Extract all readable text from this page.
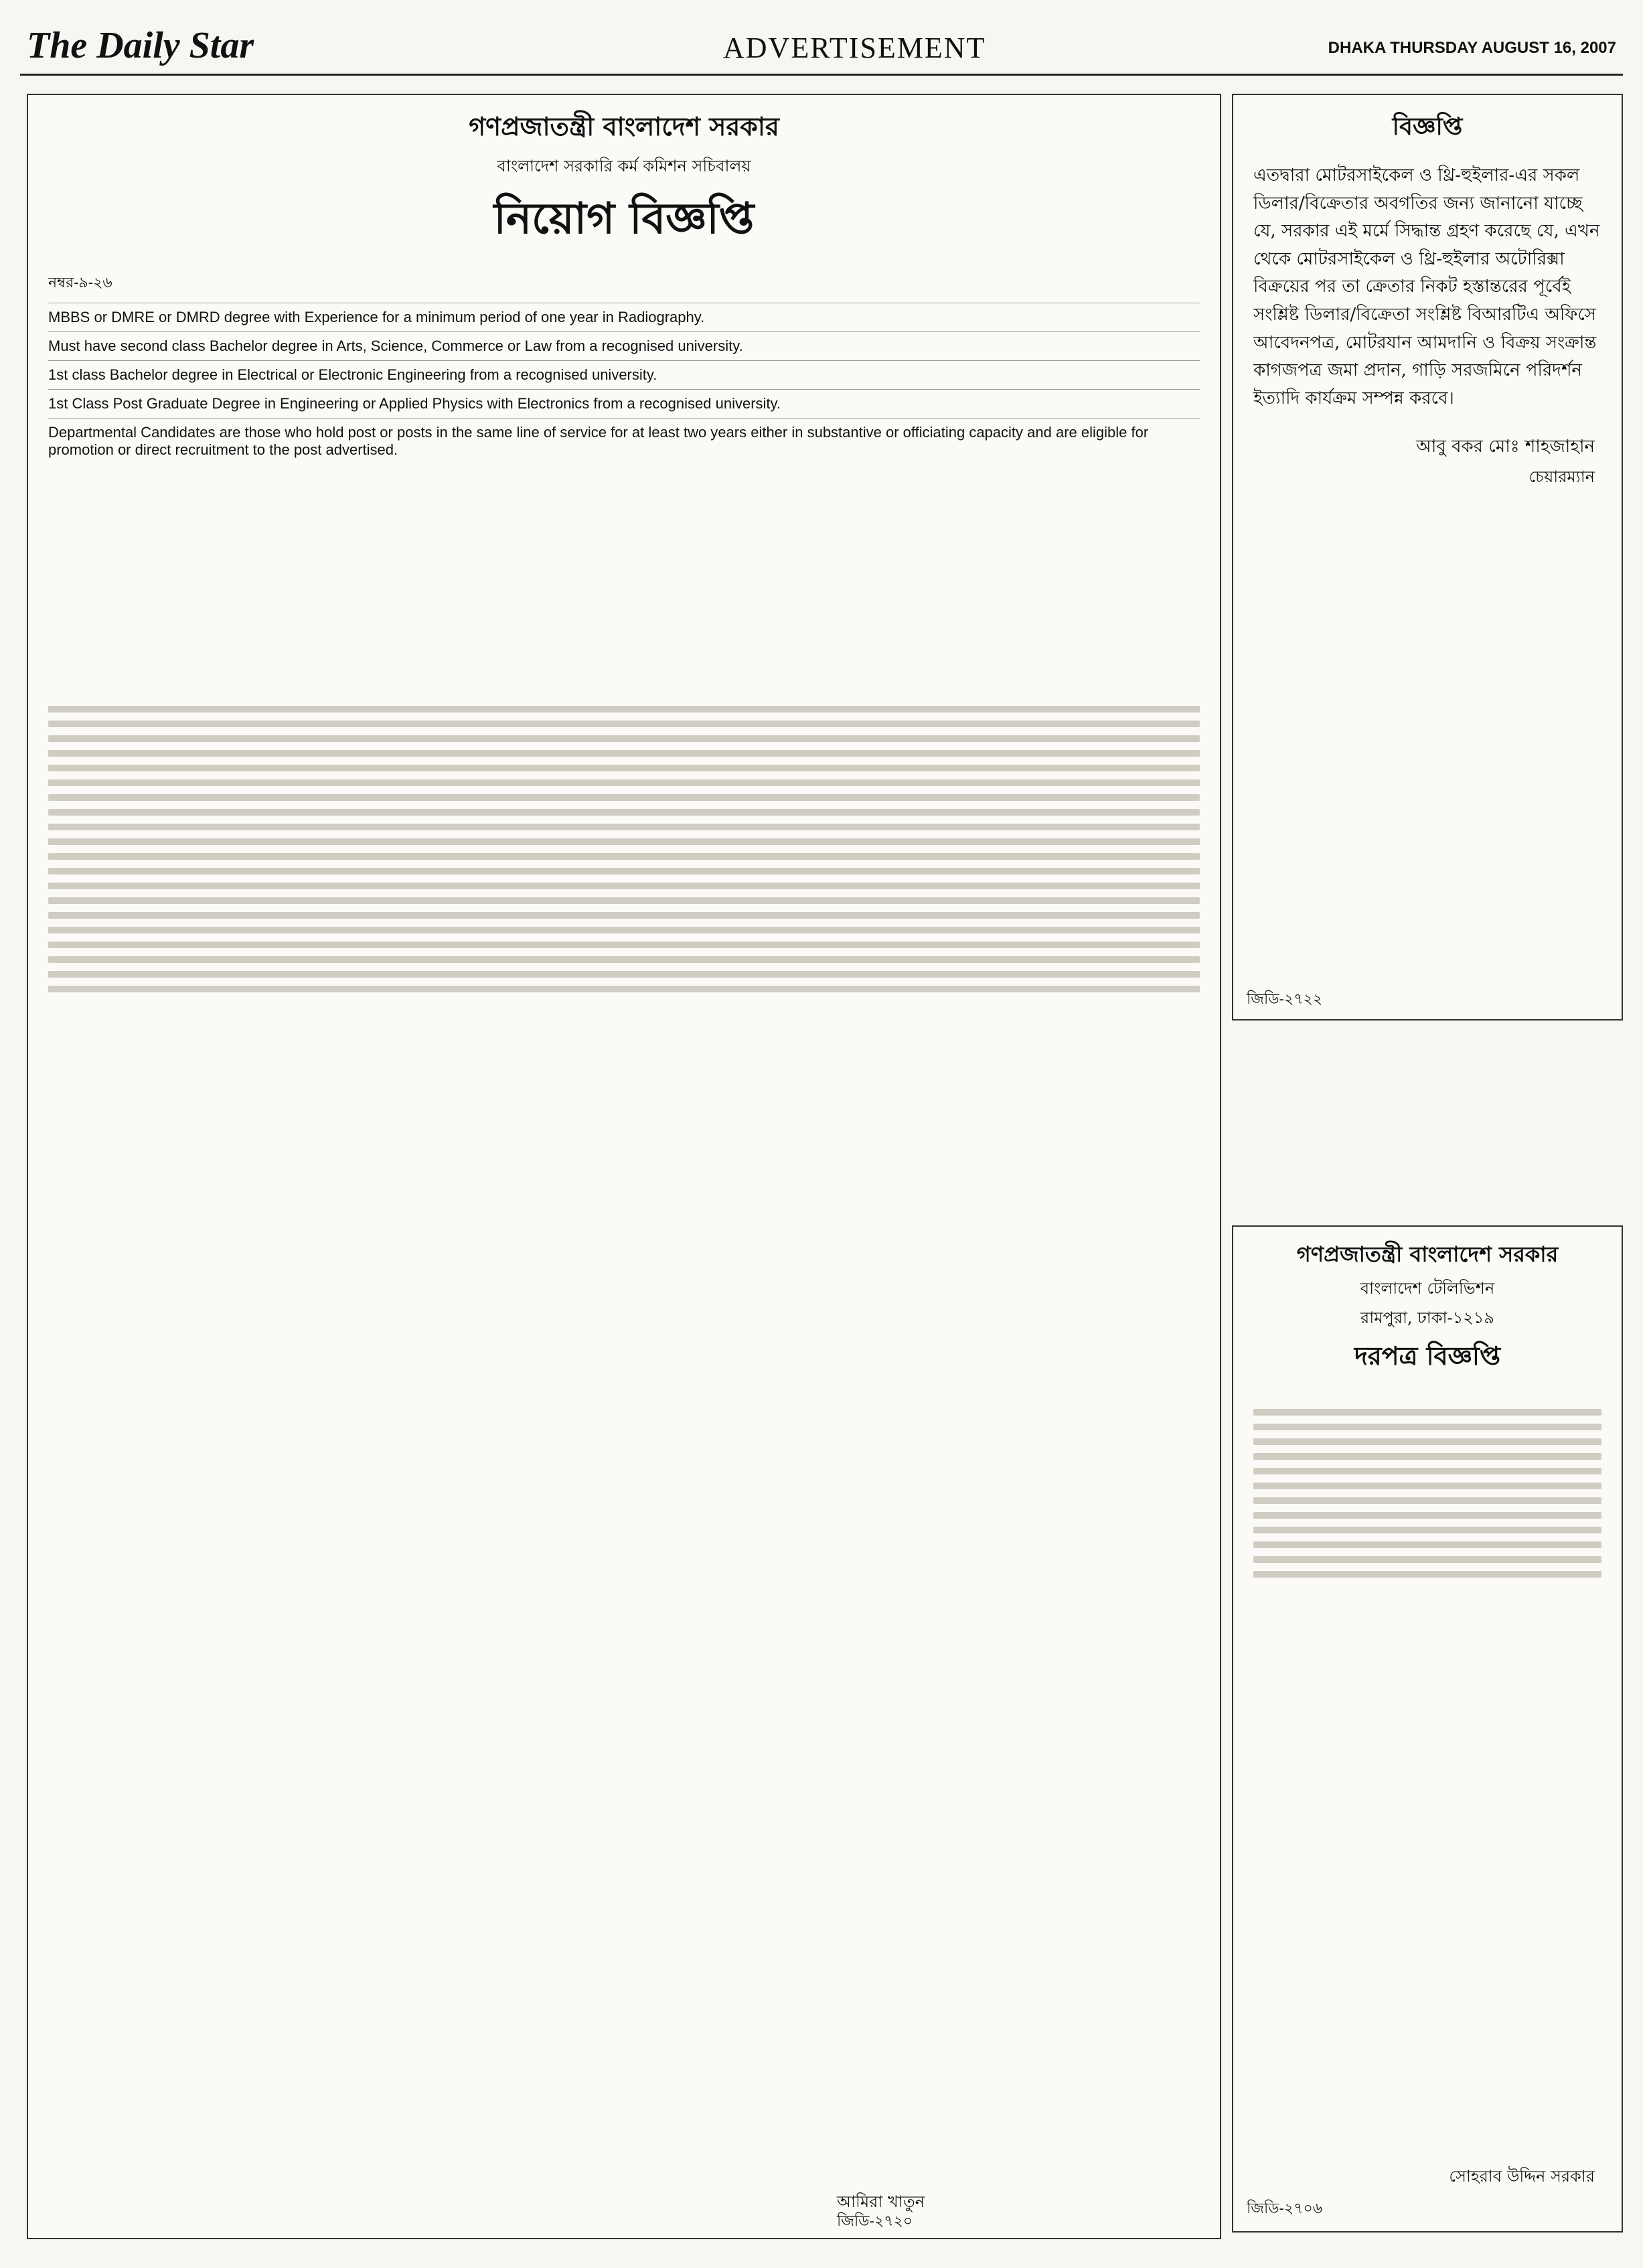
The Daily Star	ADVERTISEMENT	DHAKA THURSDAY AUGUST 16, 2007
গণপ্রজাতন্ত্রী বাংলাদেশ সরকার
বাংলাদেশ সরকারি কর্ম কমিশন সচিবালয়
নিয়োগ বিজ্ঞপ্তি
নম্বর-৯-২৬
MBBS or DMRE or DMRD degree with Experience for a minimum period of one year in Radiography.
Must have second class Bachelor degree in Arts, Science, Commerce or Law from a recognised university.
1st class Bachelor degree in Electrical or Electronic Engineering from a recognised university.
1st Class Post Graduate Degree in Engineering or Applied Physics with Electronics from a recognised university.
Departmental Candidates are those who hold post or posts in the same line of service for at least two years either in substantive or officiating capacity and are eligible for promotion or direct recruitment to the post advertised.
বিজ্ঞপ্তি
এতদ্বারা মোটরসাইকেল ও থ্রি-হুইলার-এর সকল ডিলার/বিক্রেতার অবগতির জন্য জানানো যাচ্ছে যে, সরকার এই মর্মে সিদ্ধান্ত গ্রহণ করেছে যে, এখন থেকে মোটরসাইকেল ও থ্রি-হুইলার অটোরিক্সা বিক্রয়ের পর তা ক্রেতার নিকট হস্তান্তরের পূর্বেই সংশ্লিষ্ট ডিলার/বিক্রেতা সংশ্লিষ্ট বিআরটিএ অফিসে আবেদনপত্র, মোটরযান আমদানি ও বিক্রয় সংক্রান্ত কাগজপত্র জমা প্রদান, গাড়ি সরজমিনে পরিদর্শন ইত্যাদি কার্যক্রম সম্পন্ন করবে।
আবু বকর মোঃ শাহজাহান
চেয়ারম্যান
জিডি-২৭২২
গণপ্রজাতন্ত্রী বাংলাদেশ সরকার
বাংলাদেশ টেলিভিশন
রামপুরা, ঢাকা-১২১৯
দরপত্র বিজ্ঞপ্তি
সোহরাব উদ্দিন সরকার
জিডি-২৭০৬
আমিরা খাতুন
জিডি-২৭২০
